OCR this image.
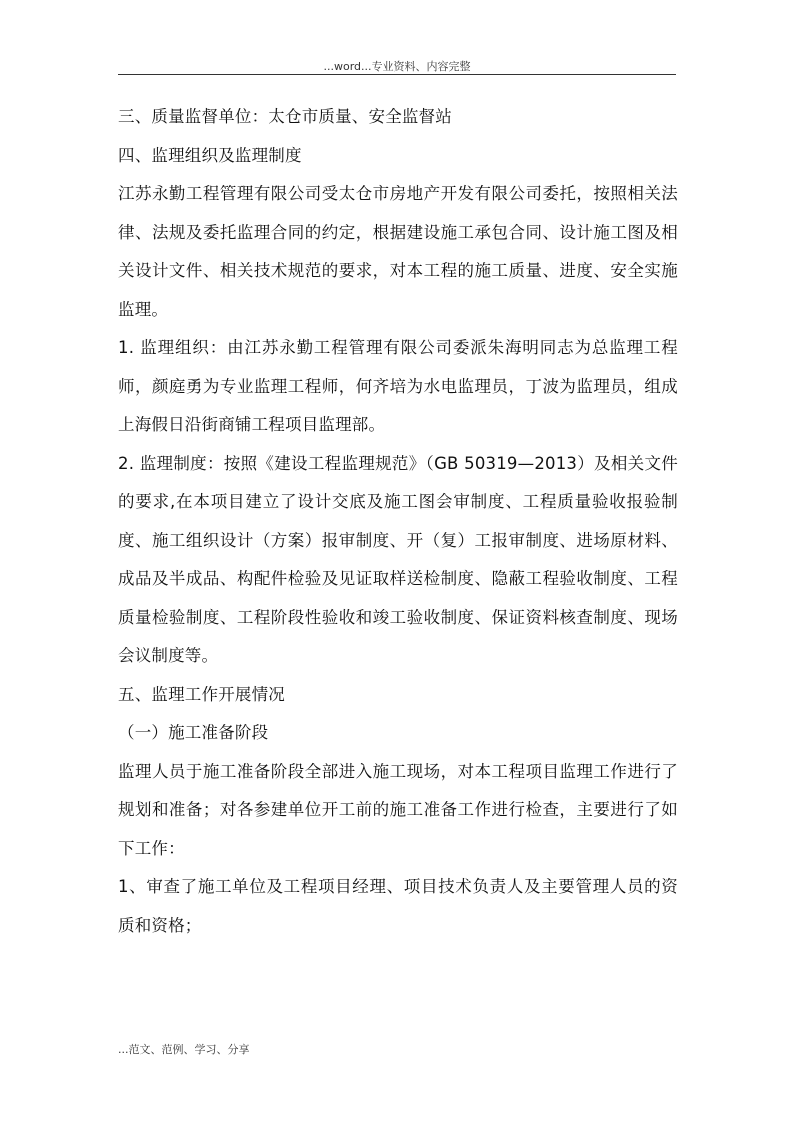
...word...专业资料、内容完整

三、质量监督单位：太仓市质量、安全监督站

四、监理组织及监理制度

江苏永勤工程管理有限公司受太仓市房地产开发有限公司委托，按照相关法律、法规及委托监理合同的约定，根据建设施工承包合同、设计施工图及相关设计文件、相关技术规范的要求，对本工程的施工质量、进度、安全实施监理。

1. 监理组织：由江苏永勤工程管理有限公司委派朱海明同志为总监理工程师，颜庭勇为专业监理工程师，何齐培为水电监理员，丁波为监理员，组成上海假日沿街商铺工程项目监理部。

2. 监理制度：按照《建设工程监理规范》（GB 50319—2013）及相关文件的要求,在本项目建立了设计交底及施工图会审制度、工程质量验收报验制度、施工组织设计（方案）报审制度、开（复）工报审制度、进场原材料、成品及半成品、构配件检验及见证取样送检制度、隐蔽工程验收制度、工程质量检验制度、工程阶段性验收和竣工验收制度、保证资料核查制度、现场会议制度等。

五、监理工作开展情况

（一）施工准备阶段

监理人员于施工准备阶段全部进入施工现场，对本工程项目监理工作进行了规划和准备；对各参建单位开工前的施工准备工作进行检查，主要进行了如下工作：

1、审查了施工单位及工程项目经理、项目技术负责人及主要管理人员的资质和资格；

...范文、范例、学习、分享
